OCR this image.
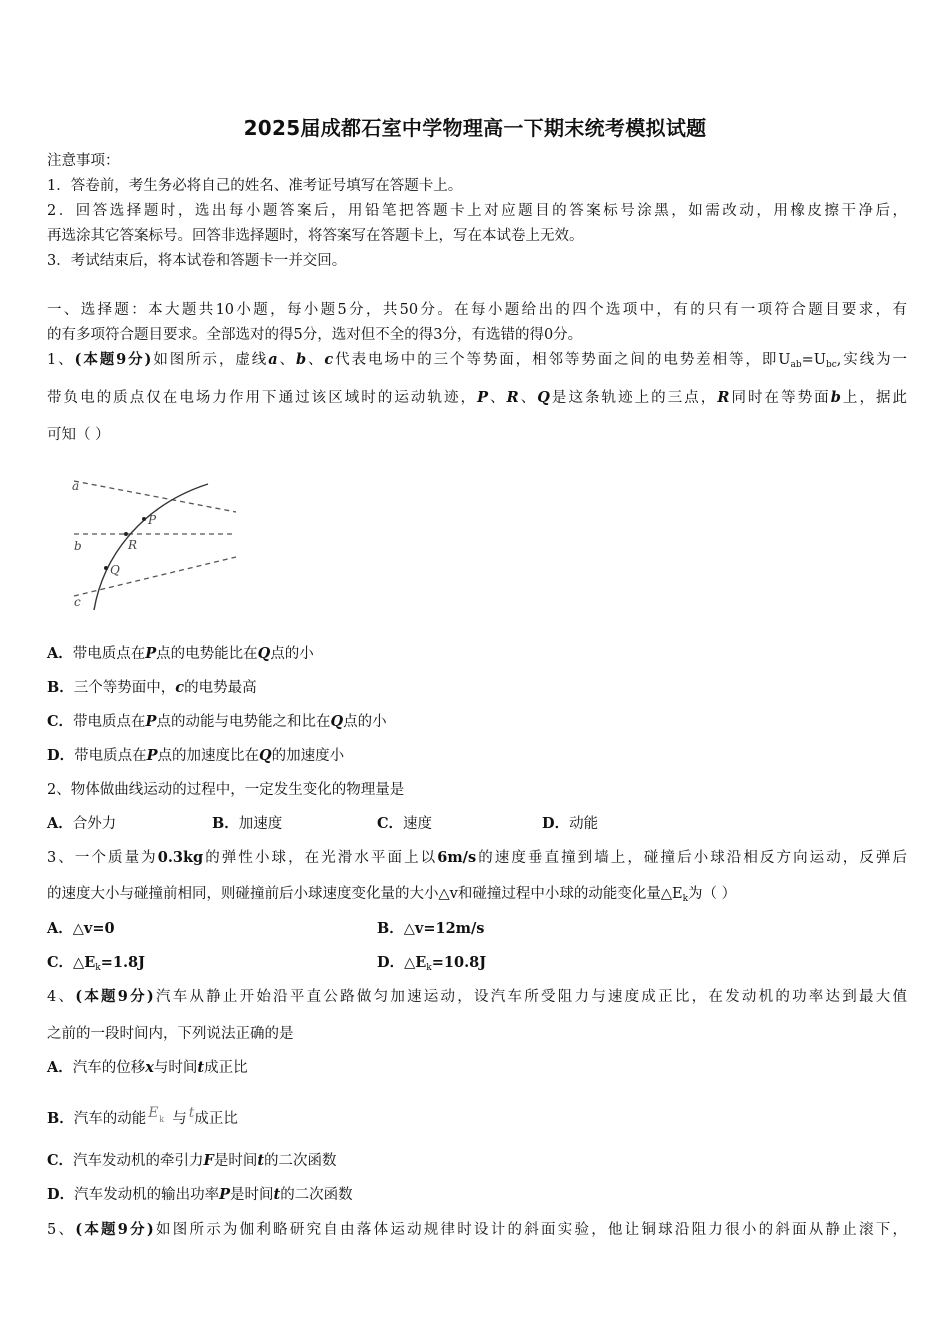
2025届成都石室中学物理高一下期末统考模拟试题
注意事项：
1．答卷前，考生务必将自己的姓名、准考证号填写在答题卡上。
2．回答选择题时，选出每小题答案后，用铅笔把答题卡上对应题目的答案标号涂黑，如需改动，用橡皮擦干净后，
再选涂其它答案标号。回答非选择题时，将答案写在答题卡上，写在本试卷上无效。
3．考试结束后，将本试卷和答题卡一并交回。
一、选择题：本大题共10小题，每小题5分，共50分。在每小题给出的四个选项中，有的只有一项符合题目要求，有
的有多项符合题目要求。全部选对的得5分，选对但不全的得3分，有选错的得0分。
1、(本题9分)如图所示，虚线a、b、c代表电场中的三个等势面，相邻等势面之间的电势差相等，即$U_{ab}=U_{bc}$,实线为一
带负电的质点仅在电场力作用下通过该区域时的运动轨迹，P、R、Q是这条轨迹上的三点，R同时在等势面b上，据此
可知（ ）
a
b
c
P
R
Q
A．带电质点在P点的电势能比在Q点的小
B．三个等势面中，c的电势最高
C．带电质点在P点的动能与电势能之和比在Q点的小
D．带电质点在P点的加速度比在Q的加速度小
2、物体做曲线运动的过程中，一定发生变化的物理量是
A．合外力	B．加速度	C．速度	D．动能
3、一个质量为0.3kg的弹性小球，在光滑水平面上以6m/s的速度垂直撞到墙上，碰撞后小球沿相反方向运动，反弹后
的速度大小与碰撞前相同，则碰撞前后小球速度变化量的大小△v和碰撞过程中小球的动能变化量$\triangle E_k$为（ ）
A．△v=0	B．△v=12m/s
C．$\triangle E_k=1.8J$	D．$\triangle E_k=10.8J$
4、(本题9分)汽车从静止开始沿平直公路做匀加速运动，设汽车所受阻力与速度成正比，在发动机的功率达到最大值
之前的一段时间内，下列说法正确的是
A．汽车的位移x与时间t成正比
B．汽车的动能 E k 与 t成正比
C．汽车发动机的牵引力F是时间t的二次函数
D．汽车发动机的输出功率P是时间t的二次函数
5、(本题9分)如图所示为伽利略研究自由落体运动规律时设计的斜面实验，他让铜球沿阻力很小的斜面从静止滚下，
